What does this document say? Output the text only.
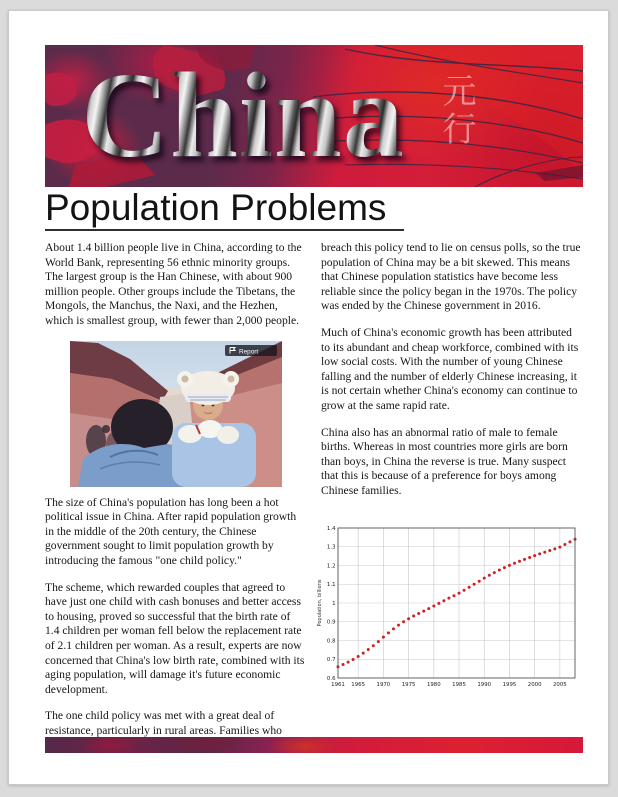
元行
China
Population Problems

About 1.4 billion people live in China, according to the World Bank, representing 56 ethnic minority groups. The largest group is the Han Chinese, with about 900 million people. Other groups include the Tibetans, the Mongols, the Manchus, the Naxi, and the Hezhen, which is smallest group, with fewer than 2,000 people.

Report

The size of China's population has long been a hot political issue in China. After rapid population growth in the middle of the 20th century, the Chinese government sought to limit population growth by introducing the famous "one child policy."

The scheme, which rewarded couples that agreed to have just one child with cash bonuses and better access to housing, proved so successful that the birth rate of 1.4 children per woman fell below the replacement rate of 2.1 children per woman. As a result, experts are now concerned that China's low birth rate, combined with its aging population, will damage it's future economic development.

The one child policy was met with a great deal of resistance, particularly in rural areas. Families who

breach this policy tend to lie on census polls, so the true population of China may be a bit skewed. This means that Chinese population statistics have become less reliable since the policy began in the 1970s. The policy was ended by the Chinese government in 2016.

Much of China's economic growth has been attributed to its abundant and cheap workforce, combined with its low social costs. With the number of young Chinese falling and the number of elderly Chinese increasing, it is not certain whether China's economy can continue to grow at the same rapid rate.

China also has an abnormal ratio of male to female births. Whereas in most countries more girls are born than boys, in China the reverse is true. Many suspect that this is because of a preference for boys among Chinese families.

1961 1965 1970 1975 1980 1985 1990 1995 2000 2005
0.6
0.7
0.8
0.9
1
1.1
1.2
1.3
1.4
Population, billions
